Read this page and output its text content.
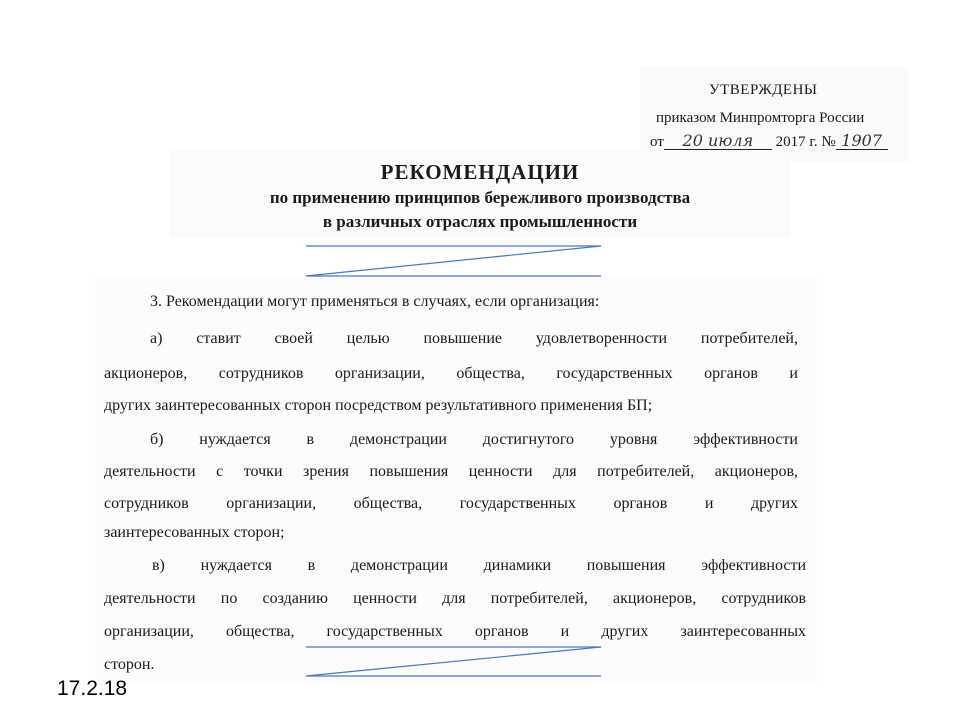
УТВЕРЖДЕНЫ
приказом Минпромторга России
от 20 июля 2017 г. № 1907
РЕКОМЕНДАЦИИ
по применению принципов бережливого производства
в различных отраслях промышленности
3. Рекомендации могут применяться в случаях, если организация:
а) ставит своей целью повышение удовлетворенности потребителей,
акционеров, сотрудников организации, общества, государственных органов и
других заинтересованных сторон посредством результативного применения БП;
б) нуждается в демонстрации достигнутого уровня эффективности
деятельности с точки зрения повышения ценности для потребителей, акционеров,
сотрудников организации, общества, государственных органов и других
заинтересованных сторон;
в) нуждается в демонстрации динамики повышения эффективности
деятельности по созданию ценности для потребителей, акционеров, сотрудников
организации, общества, государственных органов и других заинтересованных
сторон.
17.2.18
